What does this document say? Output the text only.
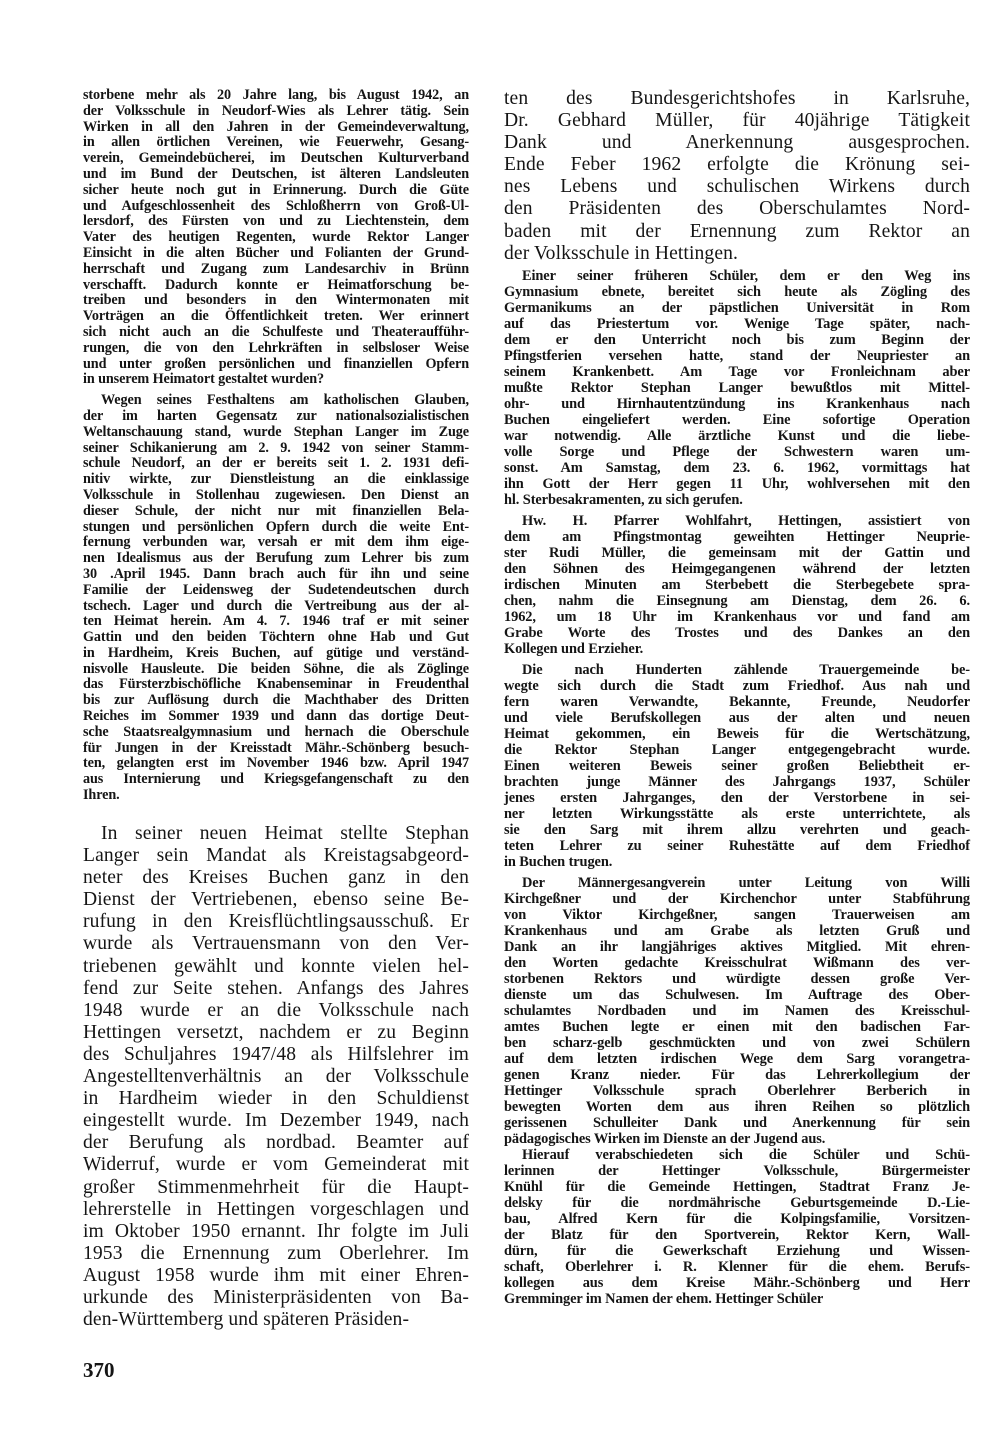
storbene mehr als 20 Jahre lang, bis August 1942, an
der Volksschule in Neudorf-Wies als Lehrer tätig. Sein
Wirken in all den Jahren in der Gemeindeverwaltung,
in allen örtlichen Vereinen, wie Feuerwehr, Gesang-
verein, Gemeindebücherei, im Deutschen Kulturverband
und im Bund der Deutschen, ist älteren Landsleuten
sicher heute noch gut in Erinnerung. Durch die Güte
und Aufgeschlossenheit des Schloßherrn von Groß-Ul-
lersdorf, des Fürsten von und zu Liechtenstein, dem
Vater des heutigen Regenten, wurde Rektor Langer
Einsicht in die alten Bücher und Folianten der Grund-
herrschaft und Zugang zum Landesarchiv in Brünn
verschafft. Dadurch konnte er Heimatforschung be-
treiben und besonders in den Wintermonaten mit
Vorträgen an die Öffentlichkeit treten. Wer erinnert
sich nicht auch an die Schulfeste und Theateraufführ-
rungen, die von den Lehrkräften in selbsloser Weise
und unter großen persönlichen und finanziellen Opfern
in unserem Heimatort gestaltet wurden?
Wegen seines Festhaltens am katholischen Glauben,
der im harten Gegensatz zur nationalsozialistischen
Weltanschauung stand, wurde Stephan Langer im Zuge
seiner Schikanierung am 2. 9. 1942 von seiner Stamm-
schule Neudorf, an der er bereits seit 1. 2. 1931 defi-
nitiv wirkte, zur Dienstleistung an die einklassige
Volksschule in Stollenhau zugewiesen. Den Dienst an
dieser Schule, der nicht nur mit finanziellen Bela-
stungen und persönlichen Opfern durch die weite Ent-
fernung verbunden war, versah er mit dem ihm eige-
nen Idealismus aus der Berufung zum Lehrer bis zum
30 .April 1945. Dann brach auch für ihn und seine
Familie der Leidensweg der Sudetendeutschen durch
tschech. Lager und durch die Vertreibung aus der al-
ten Heimat herein. Am 4. 7. 1946 traf er mit seiner
Gattin und den beiden Töchtern ohne Hab und Gut
in Hardheim, Kreis Buchen, auf gütige und verständ-
nisvolle Hausleute. Die beiden Söhne, die als Zöglinge
das Fürsterzbischöfliche Knabenseminar in Freudenthal
bis zur Auflösung durch die Machthaber des Dritten
Reiches im Sommer 1939 und dann das dortige Deut-
sche Staatsrealgymnasium und hernach die Oberschule
für Jungen in der Kreisstadt Mähr.-Schönberg besuch-
ten, gelangten erst im November 1946 bzw. April 1947
aus Internierung und Kriegsgefangenschaft zu den
Ihren.
In seiner neuen Heimat stellte Stephan
Langer sein Mandat als Kreistagsabgeord-
neter des Kreises Buchen ganz in den
Dienst der Vertriebenen, ebenso seine Be-
rufung in den Kreisflüchtlingsausschuß. Er
wurde als Vertrauensmann von den Ver-
triebenen gewählt und konnte vielen hel-
fend zur Seite stehen. Anfangs des Jahres
1948 wurde er an die Volksschule nach
Hettingen versetzt, nachdem er zu Beginn
des Schuljahres 1947/48 als Hilfslehrer im
Angestelltenverhältnis an der Volksschule
in Hardheim wieder in den Schuldienst
eingestellt wurde. Im Dezember 1949, nach
der Berufung als nordbad. Beamter auf
Widerruf, wurde er vom Gemeinderat mit
großer Stimmenmehrheit für die Haupt-
lehrerstelle in Hettingen vorgeschlagen und
im Oktober 1950 ernannt. Ihr folgte im Juli
1953 die Ernennung zum Oberlehrer. Im
August 1958 wurde ihm mit einer Ehren-
urkunde des Ministerpräsidenten von Ba-
den-Württemberg und späteren Präsiden-
ten des Bundesgerichtshofes in Karlsruhe,
Dr. Gebhard Müller, für 40jährige Tätigkeit
Dank und Anerkennung ausgesprochen.
Ende Feber 1962 erfolgte die Krönung sei-
nes Lebens und schulischen Wirkens durch
den Präsidenten des Oberschulamtes Nord-
baden mit der Ernennung zum Rektor an
der Volksschule in Hettingen.
Einer seiner früheren Schüler, dem er den Weg ins
Gymnasium ebnete, bereitet sich heute als Zögling des
Germanikums an der päpstlichen Universität in Rom
auf das Priestertum vor. Wenige Tage später, nach-
dem er den Unterricht noch bis zum Beginn der
Pfingstferien versehen hatte, stand der Neupriester an
seinem Krankenbett. Am Tage vor Fronleichnam aber
mußte Rektor Stephan Langer bewußtlos mit Mittel-
ohr- und Hirnhautentzündung ins Krankenhaus nach
Buchen eingeliefert werden. Eine sofortige Operation
war notwendig. Alle ärztliche Kunst und die liebe-
volle Sorge und Pflege der Schwestern waren um-
sonst. Am Samstag, dem 23. 6. 1962, vormittags hat
ihn Gott der Herr gegen 11 Uhr, wohlversehen mit den
hl. Sterbesakramenten, zu sich gerufen.
Hw. H. Pfarrer Wohlfahrt, Hettingen, assistiert von
dem am Pfingstmontag geweihten Hettinger Neuprie-
ster Rudi Müller, die gemeinsam mit der Gattin und
den Söhnen des Heimgegangenen während der letzten
irdischen Minuten am Sterbebett die Sterbegebete spra-
chen, nahm die Einsegnung am Dienstag, dem 26. 6.
1962, um 18 Uhr im Krankenhaus vor und fand am
Grabe Worte des Trostes und des Dankes an den
Kollegen und Erzieher.
Die nach Hunderten zählende Trauergemeinde be-
wegte sich durch die Stadt zum Friedhof. Aus nah und
fern waren Verwandte, Bekannte, Freunde, Neudorfer
und viele Berufskollegen aus der alten und neuen
Heimat gekommen, ein Beweis für die Wertschätzung,
die Rektor Stephan Langer entgegengebracht wurde.
Einen weiteren Beweis seiner großen Beliebtheit er-
brachten junge Männer des Jahrgangs 1937, Schüler
jenes ersten Jahrganges, den der Verstorbene in sei-
ner letzten Wirkungsstätte als erste unterrichtete, als
sie den Sarg mit ihrem allzu verehrten und geach-
teten Lehrer zu seiner Ruhestätte auf dem Friedhof
in Buchen trugen.
Der Männergesangverein unter Leitung von Willi
Kirchgeßner und der Kirchenchor unter Stabführung
von Viktor Kirchgeßner, sangen Trauerweisen am
Krankenhaus und am Grabe als letzten Gruß und
Dank an ihr langjähriges aktives Mitglied. Mit ehren-
den Worten gedachte Kreisschulrat Wißmann des ver-
storbenen Rektors und würdigte dessen große Ver-
dienste um das Schulwesen. Im Auftrage des Ober-
schulamtes Nordbaden und im Namen des Kreisschul-
amtes Buchen legte er einen mit den badischen Far-
ben scharz-gelb geschmückten und von zwei Schülern
auf dem letzten irdischen Wege dem Sarg vorangetra-
genen Kranz nieder. Für das Lehrerkollegium der
Hettinger Volksschule sprach Oberlehrer Berberich in
bewegten Worten dem aus ihren Reihen so plötzlich
gerissenen Schulleiter Dank und Anerkennung für sein
pädagogisches Wirken im Dienste an der Jugend aus.
Hierauf verabschiedeten sich die Schüler und Schü-
lerinnen der Hettinger Volksschule, Bürgermeister
Knühl für die Gemeinde Hettingen, Stadtrat Franz Je-
delsky für die nordmährische Geburtsgemeinde D.-Lie-
bau, Alfred Kern für die Kolpingsfamilie, Vorsitzen-
der Blatz für den Sportverein, Rektor Kern, Wall-
dürn, für die Gewerkschaft Erziehung und Wissen-
schaft, Oberlehrer i. R. Klenner für die ehem. Berufs-
kollegen aus dem Kreise Mähr.-Schönberg und Herr
Gremminger im Namen der ehem. Hettinger Schüler
370
